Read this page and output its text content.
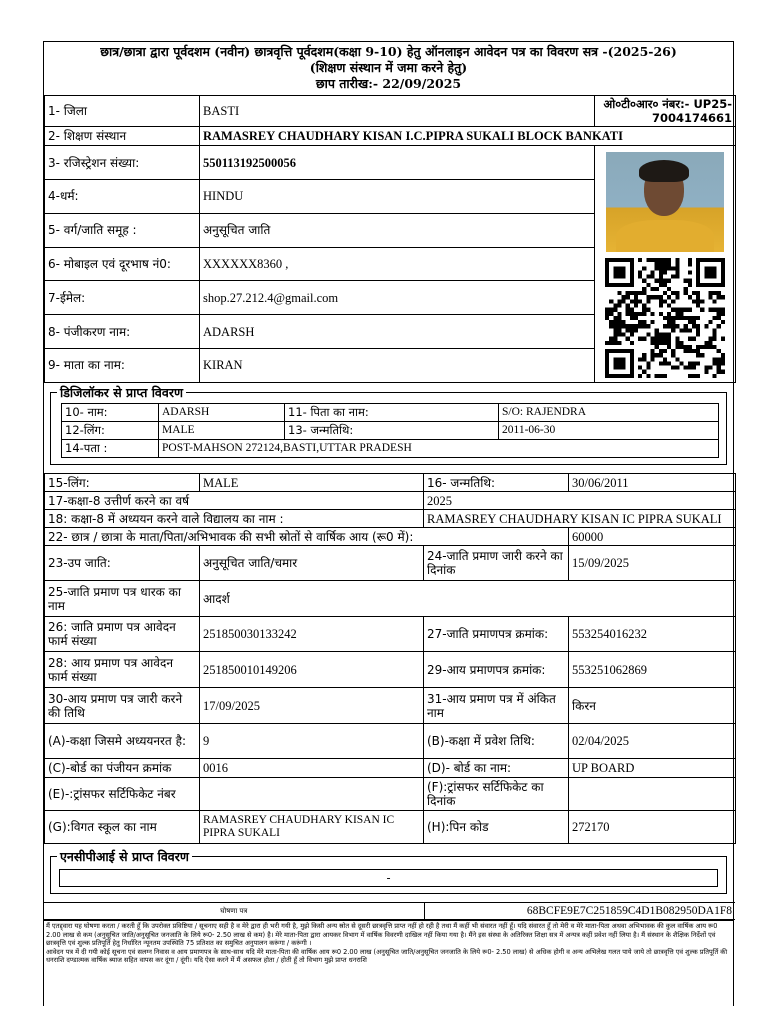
छात्र/छात्रा द्वारा पूर्वदशम (नवीन) छात्रवृत्ति पूर्वदशम(कक्षा 9-10) हेतु ऑनलाइन आवेदन पत्र का विवरण सत्र -(2025-26)
(शिक्षण संस्थान में जमा करने हेतु)
छाप तारीख:- 22/09/2025
1- जिला	BASTI	ओ०टी०आर० नंबर:- UP25-7004174661
2- शिक्षण संस्थान	RAMASREY CHAUDHARY KISAN I.C.PIPRA SUKALI BLOCK BANKATI	
3- रजिस्ट्रेशन संख्या:	550113192500056	

4-धर्म:	HINDU	
5- वर्ग/जाति समूह :	अनुसूचित जाति	
6- मोबाइल एवं दूरभाष नं0:	XXXXXX8360 ,	
7-ईमेल:	shop.27.212.4@gmail.com	
8- पंजीकरण नाम:	ADARSH	
9- माता का नाम:	KIRAN	
डिजिलॉकर से प्राप्त विवरण
10- नाम:	ADARSH	11- पिता का नाम:	S/O: RAJENDRA
12-लिंग:	MALE	13- जन्मतिथि:	2011-06-30
14-पता :	POST-MAHSON 272124,BASTI,UTTAR PRADESH		
15-लिंग:	MALE	16- जन्मतिथि:	30/06/2011
17-कक्षा-8 उत्तीर्ण करने का वर्ष		2025	
18: कक्षा-8 में अध्ययन करने वाले विद्यालय का नाम :		RAMASREY CHAUDHARY KISAN IC PIPRA SUKALI	
22- छात्र / छात्रा के माता/पिता/अभिभावक की सभी स्रोतों से वार्षिक आय (रू0 में):			60000
23-उप जाति:	अनुसूचित जाति/चमार	24-जाति प्रमाण जारी करने का दिनांक	15/09/2025
25-जाति प्रमाण पत्र धारक का नाम	आदर्श		
26: जाति प्रमाण पत्र आवेदन फार्म संख्या	251850030133242	27-जाति प्रमाणपत्र क्रमांक:	553254016232
28: आय प्रमाण पत्र आवेदन फार्म संख्या	251850010149206	29-आय प्रमाणपत्र क्रमांक:	553251062869
30-आय प्रमाण पत्र जारी करने की तिथि	17/09/2025	31-आय प्रमाण पत्र में अंकित नाम	किरन
(A)-कक्षा जिसमे अध्ययनरत है:	9	(B)-कक्षा में प्रवेश तिथि:	02/04/2025
(C)-बोर्ड का पंजीयन क्रमांक	0016	(D)- बोर्ड का नाम:	UP BOARD
(E)-:ट्रांसफर सर्टिफिकेट नंबर		(F):ट्रांसफर सर्टिफिकेट का दिनांक	
(G):विगत स्कूल का नाम	RAMASREY CHAUDHARY KISAN IC PIPRA SUKALI	(H):पिन कोड	272170
एनसीपीआई से प्राप्त विवरण
-
घोषणा पत्र	68BCFE9E7C251859C4D1B082950DA1F8
मैं एतद्द्वारा यह घोषणा करता / करती हूँ कि उपरोक्त प्रविष्टिया / सूचनाए सही है व मेरे द्वारा ही भरी गयी है, मुझे किसी अन्य स्रोत से दूसरी छात्रवृत्ति प्राप्त नहीं हो रही है तथा मैं कहीं भी संवारत नहीं हूँ। यदि संवारत हूँ तो मेरी व मेरे माता-पिता अथवा अभिभावक की कुल वार्षिक आय रू0 2.00 लाख से कम (अनुसूचित जाति/अनुसूचित जनजाति के लिये रू0- 2.50 लाख से कम) है। मेरे माता-पिता द्वारा आयकर विभाग में वार्षिक विवरणी दाखिल नहीं किया गया है। मैंने इस संस्था के अतिरिक्त शिक्षा सत्र में अन्यत्र कहीं प्रवेश नहीं लिया है। मैं संस्थान के शैक्षिक निर्देशों एवं छात्रवृत्ति एवं शुल्क प्रतिपूर्ति हेतु निर्धारित न्यूनतम उपस्थिति 75 प्रतिशत का समुचित अनुपालन करूंगा / करूंगी ।
आवेदन पत्र में दी गयी कोई सूचना एवं सलग्न निवास व आय प्रमाणपत्र के साथ-साथ यदि मेरे माता-पिता की वार्षिक आय रू0 2.00 लाख (अनुसूचित जाति/अनुसूचित जनजाति के लिये रू0- 2.50 लाख) से अधिक होगी व अन्य अभिलेख गलत पाये जाये तो छात्रवृत्ति एवं शुल्क प्रतिपूर्ति की धनराशि दण्डात्मक वार्षिक ब्याज सहित वापस कर दूंगा / दूंगी। यदि ऐसा करने में मैं असफल होता / होती हूँ तो विभाग मुझे प्राप्त धनराशि
